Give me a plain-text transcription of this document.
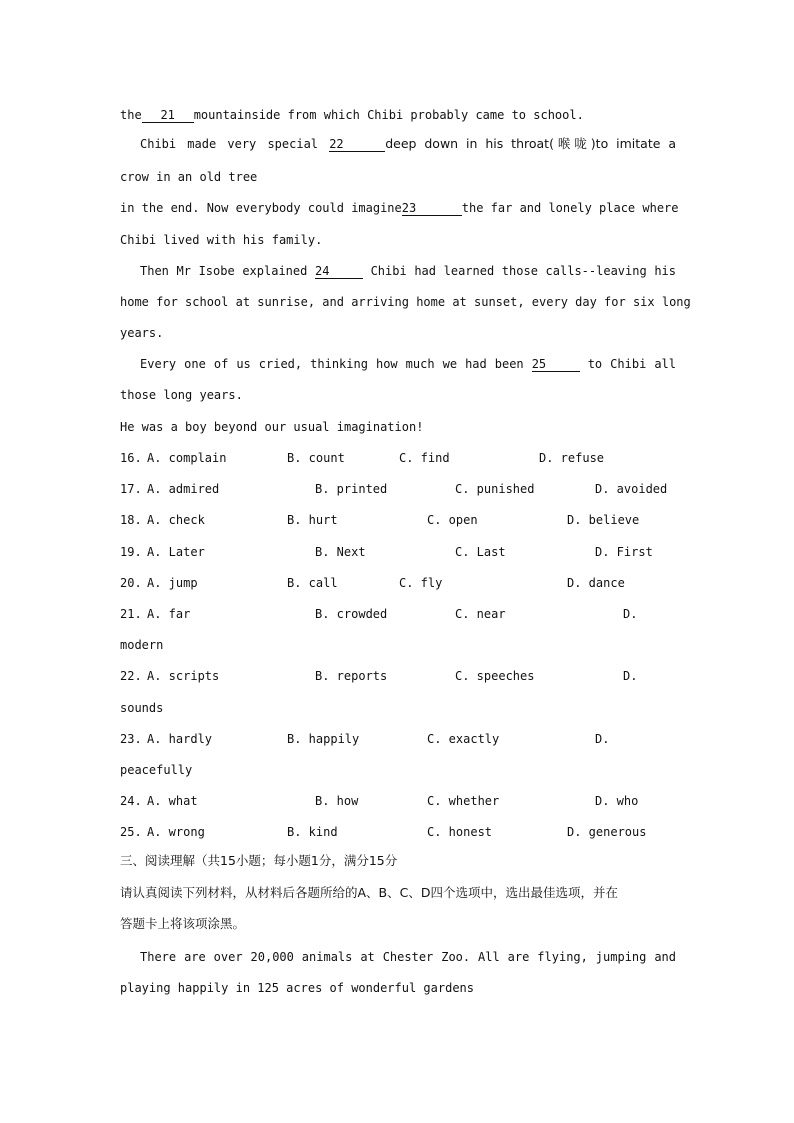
the 21 mountainside from which Chibi probably came to school.
Chibi made very special 22	deep down in his throat(喉咙)to imitate a
crow in an old tree
in the end. Now everybody could imagine23	the far and lonely place where
Chibi lived with his family.
Then Mr Isobe explained 24	Chibi had learned those calls--leaving his
home for school at sunrise, and arriving home at sunset, every day for six long
years.
Every one of us cried, thinking how much we had been 25	to Chibi all
those long years.
He was a boy beyond our usual imagination!
16. A. complain	B. count	C. find	D. refuse
17. A. admired	B. printed	C. punished	D. avoided
18. A. check	B. hurt	C. open	D. believe
19. A. Later	B. Next	C. Last	D. First
20. A. jump	B. call	C. fly	D. dance
21. A. far	B. crowded	C. near	D.
modern
22. A. scripts	B. reports	C. speeches	D.
sounds
23. A. hardly	B. happily	C. exactly	D.
peacefully
24. A. what	B. how	C. whether	D. who
25. A. wrong	B. kind	C. honest	D. generous
三、阅读理解（共15小题；每小题1分，满分15分
请认真阅读下列材料，从材料后各题所给的A、B、C、D四个选项中，选出最佳选项，并在
答题卡上将该项涂黑。
There are over 20,000 animals at Chester Zoo. All are flying, jumping and
playing happily in 125 acres of wonderful gardens
